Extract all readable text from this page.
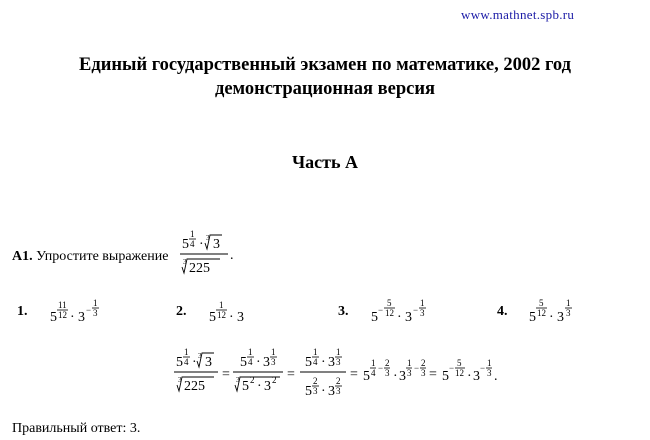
www.mathnet.spb.ru
Единый государственный экзамен по математике, 2002 год
демонстрационная версия
Часть A
A1. Упростите выражение
5
1
4 · 3 3
3 225
.
1. 5
11
12 · 3 −
1
3	2. 5
1
12 · 3	3. 5 −
5
12 · 3 −
1
3	4. 5
5
12 · 3
1
3
5
1
4 · 3 3
3 225
=
5
1
4 · 3
1
3
3 5 2 · 3 2 =
5
1
4 · 3
1
3
5
2
3 · 3
2
3
= 5
1
4 − 2
3 · 3
1
3 − 2
3 = 5
− 5
12 · 3
− 1
3 .
Правильный ответ: 3.
